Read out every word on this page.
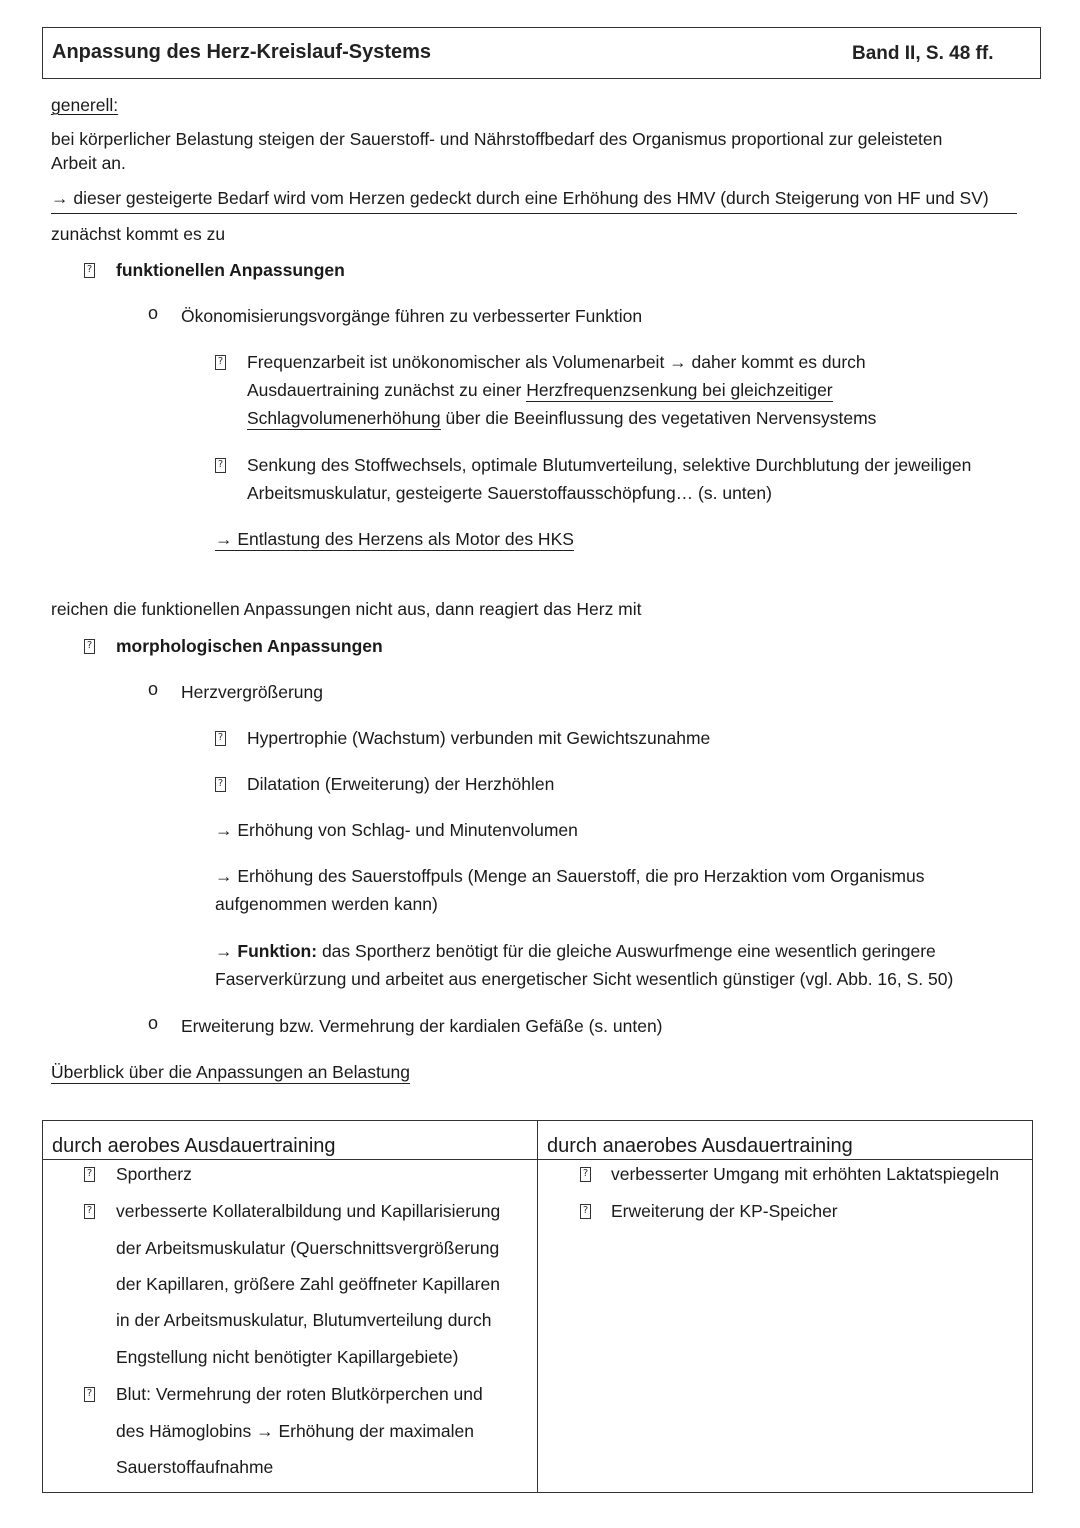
Anpassung des Herz-Kreislauf-Systems	Band II, S. 48 ff.
generell:
bei körperlicher Belastung steigen der Sauerstoff- und Nährstoffbedarf des Organismus proportional zur geleisteten
Arbeit an.
→ dieser gesteigerte Bedarf wird vom Herzen gedeckt durch eine Erhöhung des HMV (durch Steigerung von HF und SV)
zunächst kommt es zu
? funktionellen Anpassungen
o Ökonomisierungsvorgänge führen zu verbesserter Funktion
? Frequenzarbeit ist unökonomischer als Volumenarbeit → daher kommt es durch
Ausdauertraining zunächst zu einer Herzfrequenzsenkung bei gleichzeitiger
Schlagvolumenerhöhung über die Beeinflussung des vegetativen Nervensystems
? Senkung des Stoffwechsels, optimale Blutumverteilung, selektive Durchblutung der jeweiligen
Arbeitsmuskulatur, gesteigerte Sauerstoffausschöpfung… (s. unten)
→ Entlastung des Herzens als Motor des HKS
reichen die funktionellen Anpassungen nicht aus, dann reagiert das Herz mit
? morphologischen Anpassungen
o Herzvergrößerung
? Hypertrophie (Wachstum) verbunden mit Gewichtszunahme
? Dilatation (Erweiterung) der Herzhöhlen
→ Erhöhung von Schlag- und Minutenvolumen
→ Erhöhung des Sauerstoffpuls (Menge an Sauerstoff, die pro Herzaktion vom Organismus
aufgenommen werden kann)
→ Funktion: das Sportherz benötigt für die gleiche Auswurfmenge eine wesentlich geringere
Faserverkürzung und arbeitet aus energetischer Sicht wesentlich günstiger (vgl. Abb. 16, S. 50)
o Erweiterung bzw. Vermehrung der kardialen Gefäße (s. unten)
Überblick über die Anpassungen an Belastung
durch aerobes Ausdauertraining	durch anaerobes Ausdauertraining
? Sportherz
? verbesserte Kollateralbildung und Kapillarisierung
der Arbeitsmuskulatur (Querschnittsvergrößerung
der Kapillaren, größere Zahl geöffneter Kapillaren
in der Arbeitsmuskulatur, Blutumverteilung durch
Engstellung nicht benötigter Kapillargebiete)
? Blut: Vermehrung der roten Blutkörperchen und
des Hämoglobins → Erhöhung der maximalen
Sauerstoffaufnahme
? verbesserter Umgang mit erhöhten Laktatspiegeln
? Erweiterung der KP-Speicher
